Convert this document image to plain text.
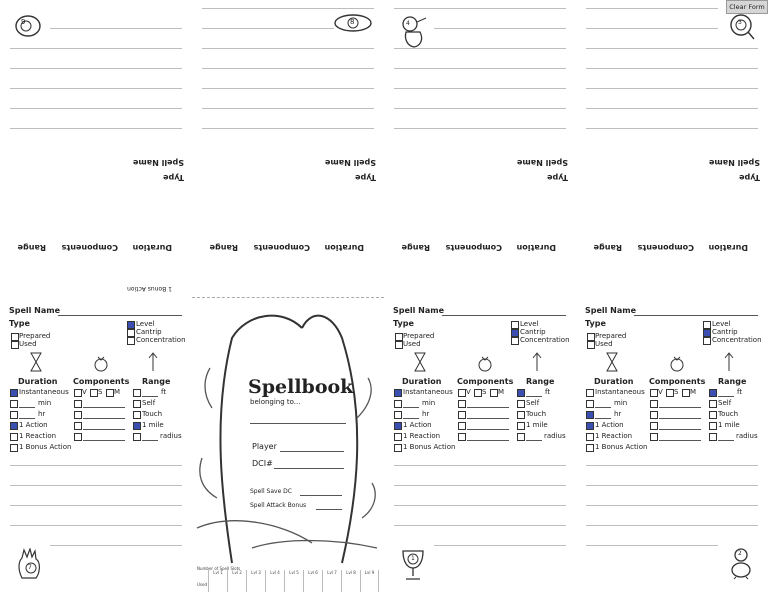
Clear Form
9
Spell Name
Type
Duration
Components
Range
1 Bonus Action
Spell Name
Type
Prepared
Used
Level
Cantrip
Concentration
Duration Components Range
Instantaneous
min
hr
1 Action
1 Reaction
1 Bonus Action
V S M	ft
Self
Touch
1 mile
radius
7
8
Spell Name
Type
Duration
Components
Range
Spellbook
belonging to...
Player
DCI#
Spell Save DC
Spell Attack Bonus
Number of Spell Slots
Used
Lvl 1	Lvl 2	Lvl 3	Lvl 4	Lvl 5	Lvl 6	Lvl 7	Lvl 8	Lvl 9
4
Spell Name
Type
Duration
Components
Range
Spell Name
Type
Prepared
Used
Level
Cantrip
Concentration
Duration Components Range
Instantaneous
min
hr
1 Action
1 Reaction
1 Bonus Action
V S M	ft
Self
Touch
1 mile
radius
1
3
Spell Name
Type
Duration
Components
Range
Spell Name
Type
Prepared
Used
Level
Cantrip
Concentration
Duration Components Range
Instantaneous
min
hr
1 Action
1 Reaction
1 Bonus Action
V S M	ft
Self
Touch
1 mile
radius
2
